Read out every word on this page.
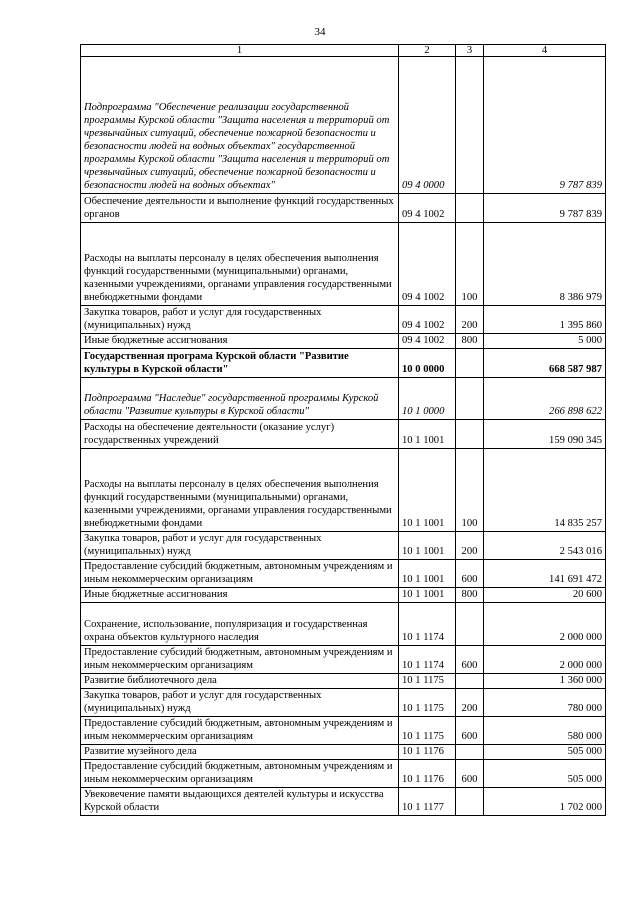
34
1	2	3	4
Подпрограмма "Обеспечение реализации государственной программы Курской области "Защита населения и территорий от чрезвычайных ситуаций, обеспечение пожарной безопасности и безопасности людей на водных объектах" государственной программы Курской области "Защита населения и территорий от чрезвычайных ситуаций, обеспечение пожарной безопасности и безопасности людей на водных объектах"	09 4 0000		9 787 839
Обеспечение деятельности и выполнение функций государственных органов	09 4 1002		9 787 839
Расходы на выплаты персоналу в целях обеспечения выполнения функций государственными (муниципальными) органами, казенными учреждениями, органами управления государственными внебюджетными фондами	09 4 1002	100	8 386 979
Закупка товаров, работ и услуг для государственных (муниципальных) нужд	09 4 1002	200	1 395 860
Иные бюджетные ассигнования	09 4 1002	800	5 000
Государственная програма Курской области "Развитие культуры в Курской области"	10 0 0000		668 587 987
Подпрограмма "Наследие" государственной программы Курской области "Развитие культуры в Курской области"	10 1 0000		266 898 622
Расходы на обеспечение деятельности (оказание услуг) государственных учреждений	10 1 1001		159 090 345
Расходы на выплаты персоналу в целях обеспечения выполнения функций государственными (муниципальными) органами, казенными учреждениями, органами управления государственными внебюджетными фондами	10 1 1001	100	14 835 257
Закупка товаров, работ и услуг для государственных (муниципальных) нужд	10 1 1001	200	2 543 016
Предоставление субсидий бюджетным, автономным учреждениям и иным некоммерческим организациям	10 1 1001	600	141 691 472
Иные бюджетные ассигнования	10 1 1001	800	20 600
Сохранение, использование, популяризация и государственная охрана объектов культурного наследия	10 1 1174		2 000 000
Предоставление субсидий бюджетным, автономным учреждениям и иным некоммерческим организациям	10 1 1174	600	2 000 000
Развитие библиотечного дела	10 1 1175		1 360 000
Закупка товаров, работ и услуг для государственных (муниципальных) нужд	10 1 1175	200	780 000
Предоставление субсидий бюджетным, автономным учреждениям и иным некоммерческим организациям	10 1 1175	600	580 000
Развитие музейного дела	10 1 1176		505 000
Предоставление субсидий бюджетным, автономным учреждениям и иным некоммерческим организациям	10 1 1176	600	505 000
Увековечение памяти выдающихся деятелей культуры и искусства Курской области	10 1 1177		1 702 000
